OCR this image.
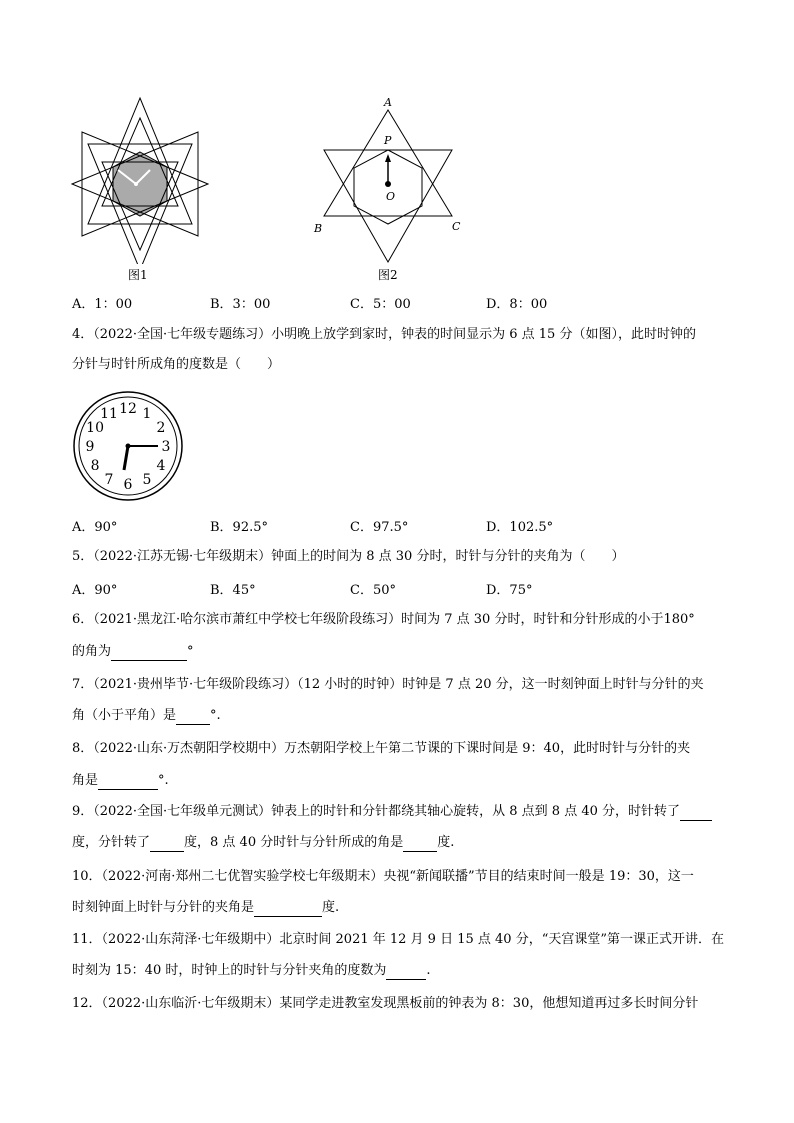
图1
A
P
O
B	C
图2
A．1：00	B．3：00	C．5：00	D．8：00
4．（2022·全国·七年级专题练习）小明晚上放学到家时，钟表的时间显示为 6 点 15 分（如图），此时时钟的
分针与时针所成角的度数是（　　）
12 1
2
3
4
5
6
7
8
9
10
11
A．90°	B．92.5°	C．97.5°	D．102.5°
5．（2022·江苏无锡·七年级期末）钟面上的时间为 8 点 30 分时，时针与分针的夹角为（　　）
A．90°	B．45°	C．50°	D．75°
6．（2021·黑龙江·哈尔滨市萧红中学校七年级阶段练习）时间为 7 点 30 分时，时针和分针形成的小于180°
的角为	°
7．（2021·贵州毕节·七年级阶段练习）（12 小时的时钟）时钟是 7 点 20 分，这一时刻钟面上时针与分针的夹
角（小于平角）是	°.
8．（2022·山东·万杰朝阳学校期中）万杰朝阳学校上午第二节课的下课时间是 9：40，此时时针与分针的夹
角是	°.
9．（2022·全国·七年级单元测试）钟表上的时针和分针都绕其轴心旋转，从 8 点到 8 点 40 分，时针转了
度，分针转了	度，8 点 40 分时针与分针所成的角是	度.
10．（2022·河南·郑州二七优智实验学校七年级期末）央视“新闻联播”节目的结束时间一般是 19：30，这一
时刻钟面上时针与分针的夹角是	度.
11．（2022·山东菏泽·七年级期中）北京时间 2021 年 12 月 9 日 15 点 40 分，“天宫课堂”第一课正式开讲．在
时刻为 15：40 时，时钟上的时针与分针夹角的度数为	.
12．（2022·山东临沂·七年级期末）某同学走进教室发现黑板前的钟表为 8：30，他想知道再过多长时间分针
